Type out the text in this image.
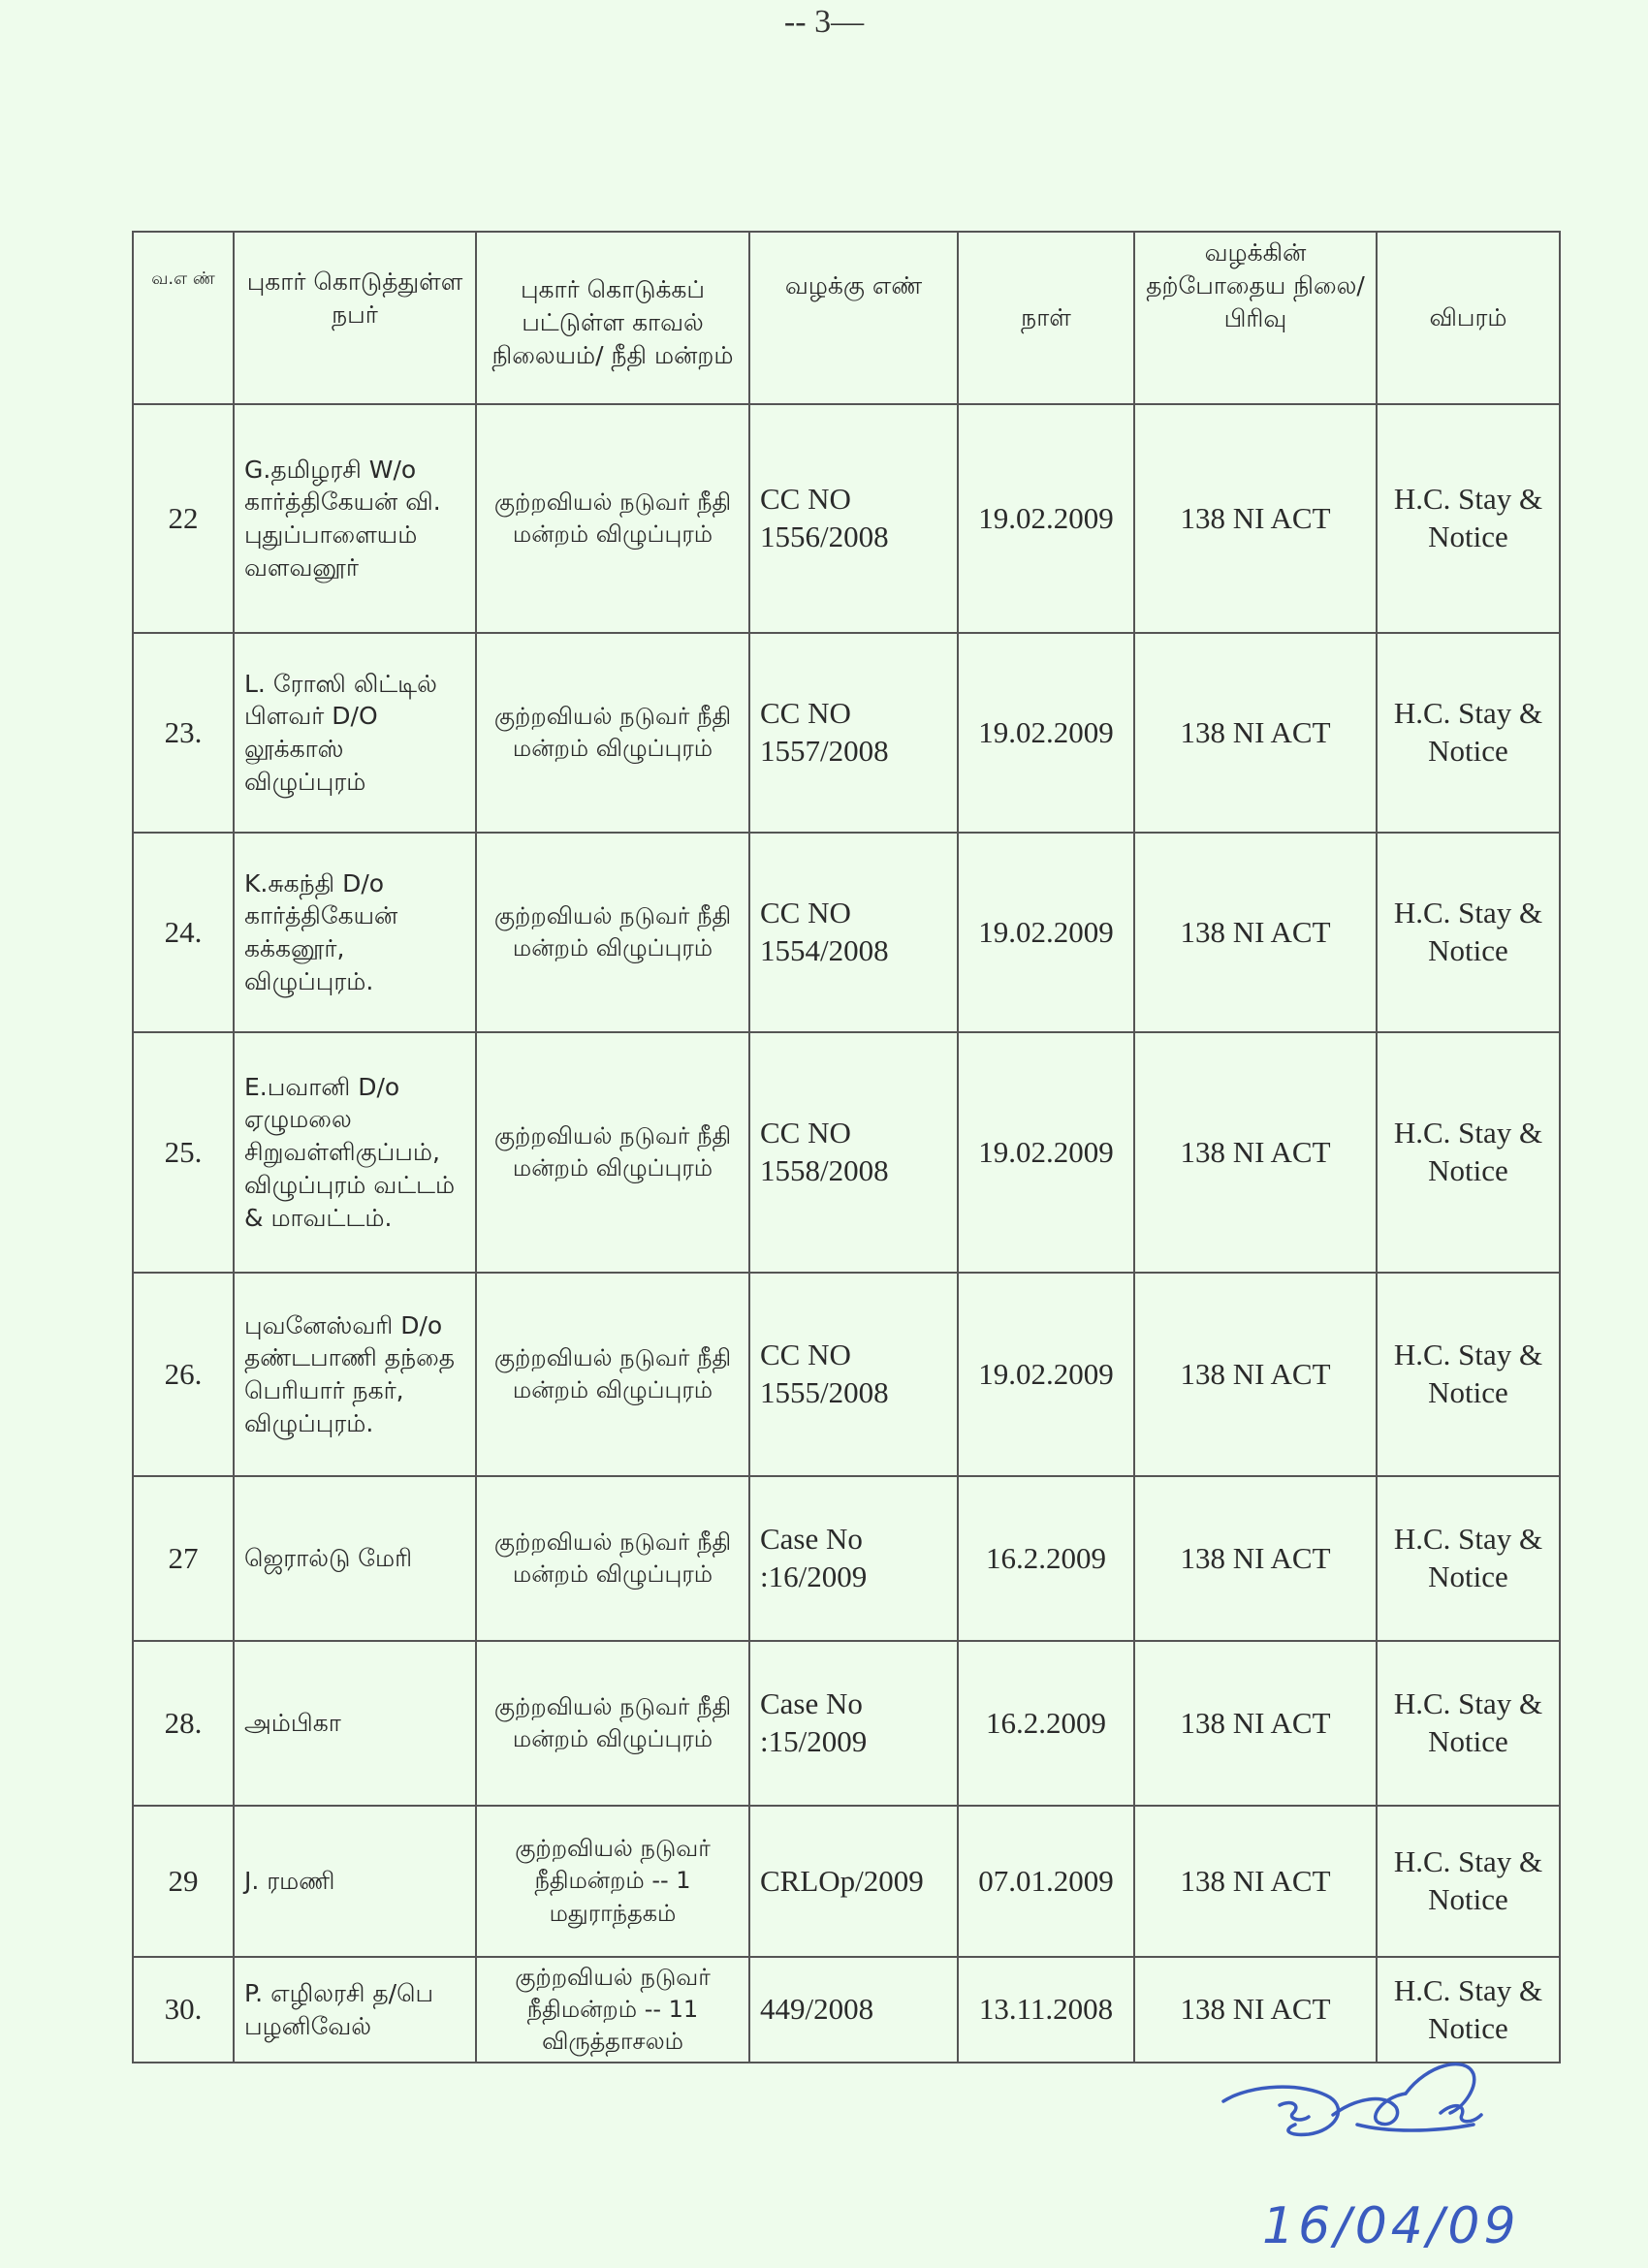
-- 3—
வ.எ ண்	புகார் கொடுத்துள்ள நபர்	புகார் கொடுக்கப் பட்டுள்ள காவல் நிலையம்/ நீதி மன்றம்	வழக்கு எண்	நாள்	வழக்கின் தற்போதைய நிலை/ பிரிவு	விபரம்
22	G.தமிழரசி W/o கார்த்திகேயன் வி. புதுப்பாளையம் வளவனூர்	குற்றவியல் நடுவர் நீதி மன்றம் விழுப்புரம்	CC NO 1556/2008	19.02.2009	138 NI ACT	H.C. Stay & Notice
23.	L. ரோஸி லிட்டில் பிளவர் D/O லூக்காஸ் விழுப்புரம்	குற்றவியல் நடுவர் நீதி மன்றம் விழுப்புரம்	CC NO 1557/2008	19.02.2009	138 NI ACT	H.C. Stay & Notice
24.	K.சுகந்தி D/o கார்த்திகேயன் கக்கனூர், விழுப்புரம்.	குற்றவியல் நடுவர் நீதி மன்றம் விழுப்புரம்	CC NO 1554/2008	19.02.2009	138 NI ACT	H.C. Stay & Notice
25.	E.பவானி D/o ஏழுமலை சிறுவள்ளிகுப்பம், விழுப்புரம் வட்டம் & மாவட்டம்.	குற்றவியல் நடுவர் நீதி மன்றம் விழுப்புரம்	CC NO 1558/2008	19.02.2009	138 NI ACT	H.C. Stay & Notice
26.	புவனேஸ்வரி D/o தண்டபாணி தந்தை பெரியார் நகர், விழுப்புரம்.	குற்றவியல் நடுவர் நீதி மன்றம் விழுப்புரம்	CC NO 1555/2008	19.02.2009	138 NI ACT	H.C. Stay & Notice
27	ஜெரால்டு மேரி	குற்றவியல் நடுவர் நீதி மன்றம் விழுப்புரம்	Case No :16/2009	16.2.2009	138 NI ACT	H.C. Stay & Notice
28.	அம்பிகா	குற்றவியல் நடுவர் நீதி மன்றம் விழுப்புரம்	Case No :15/2009	16.2.2009	138 NI ACT	H.C. Stay & Notice
29	J. ரமணி	குற்றவியல் நடுவர் நீதிமன்றம் -- 1 மதுராந்தகம்	CRLOp/2009	07.01.2009	138 NI ACT	H.C. Stay & Notice
30.	P. எழிலரசி த/பெ பழனிவேல்	குற்றவியல் நடுவர் நீதிமன்றம் -- 11 விருத்தாசலம்	449/2008	13.11.2008	138 NI ACT	H.C. Stay & Notice
16/04/09
